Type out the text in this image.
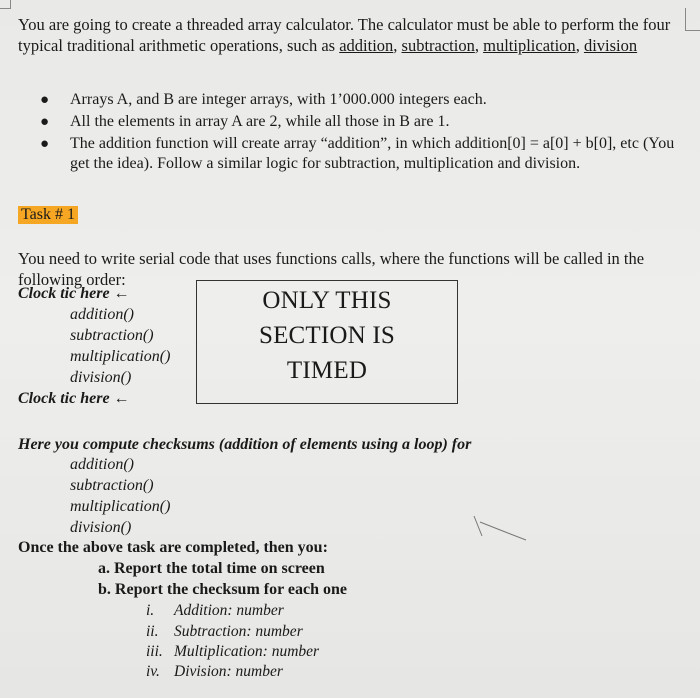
You are going to create a threaded array calculator. The calculator must be able to perform the four typical traditional arithmetic operations, such as addition, subtraction, multiplication, division
● Arrays A, and B are integer arrays, with 1’000.000 integers each.
● All the elements in array A are 2, while all those in B are 1.
● The addition function will create array “addition”, in which addition[0] = a[0] + b[0], etc (You get the idea). Follow a similar logic for subtraction, multiplication and division.
Task # 1
You need to write serial code that uses functions calls, where the functions will be called in the following order:
Clock tic here ←
addition()
subtraction()
multiplication()
division()
Clock tic here ←
ONLY THIS
SECTION IS
TIMED
Here you compute checksums (addition of elements using a loop) for
addition()
subtraction()
multiplication()
division()
Once the above task are completed, then you:
a. Report the total time on screen
b. Report the checksum for each one
i. Addition: number
ii. Subtraction: number
iii. Multiplication: number
iv. Division: number
